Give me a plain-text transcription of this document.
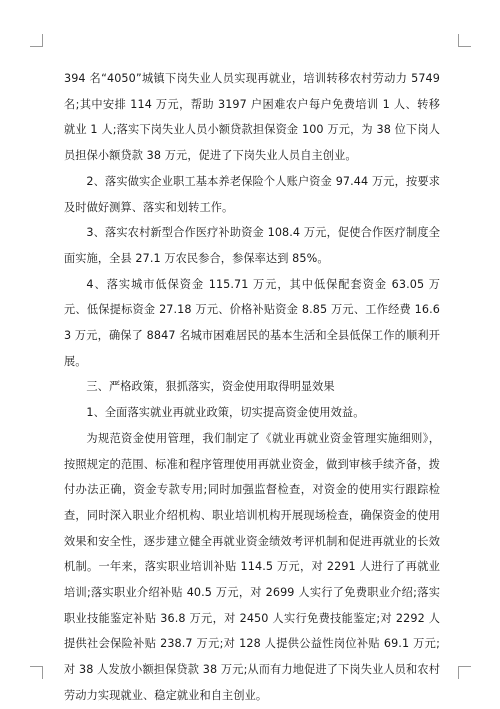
394 名“4050”城镇下岗失业人员实现再就业，培训转移农村劳动力 5749 名;其中安排 114 万元，帮助 3197 户困难农户每户免费培训 1 人、转移就业 1 人;落实下岗失业人员小额贷款担保资金 100 万元，为 38 位下岗人员担保小额贷款 38 万元，促进了下岗失业人员自主创业。

2、落实做实企业职工基本养老保险个人账户资金 97.44 万元，按要求及时做好测算、落实和划转工作。

3、落实农村新型合作医疗补助资金 108.4 万元，促使合作医疗制度全面实施，全县 27.1 万农民参合，参保率达到 85%。

4、落实城市低保资金 115.71 万元，其中低保配套资金 63.05 万元、低保提标资金 27.18 万元、价格补贴资金 8.85 万元、工作经费 16.63 万元，确保了 8847 名城市困难居民的基本生活和全县低保工作的顺利开展。

三、严格政策，狠抓落实，资金使用取得明显效果

1、全面落实就业再就业政策，切实提高资金使用效益。

为规范资金使用管理，我们制定了《就业再就业资金管理实施细则》，按照规定的范围、标准和程序管理使用再就业资金，做到审核手续齐备，拨付办法正确，资金专款专用;同时加强监督检查，对资金的使用实行跟踪检查，同时深入职业介绍机构、职业培训机构开展现场检查，确保资金的使用效果和安全性，逐步建立健全再就业资金绩效考评机制和促进再就业的长效机制。一年来，落实职业培训补贴 114.5 万元，对 2291 人进行了再就业培训;落实职业介绍补贴 40.5 万元，对 2699 人实行了免费职业介绍;落实职业技能鉴定补贴 36.8 万元，对 2450 人实行免费技能鉴定;对 2292 人提供社会保险补贴 238.7 万元;对 128 人提供公益性岗位补贴 69.1 万元;对 38 人发放小额担保贷款 38 万元;从而有力地促进了下岗失业人员和农村劳动力实现就业、稳定就业和自主创业。
